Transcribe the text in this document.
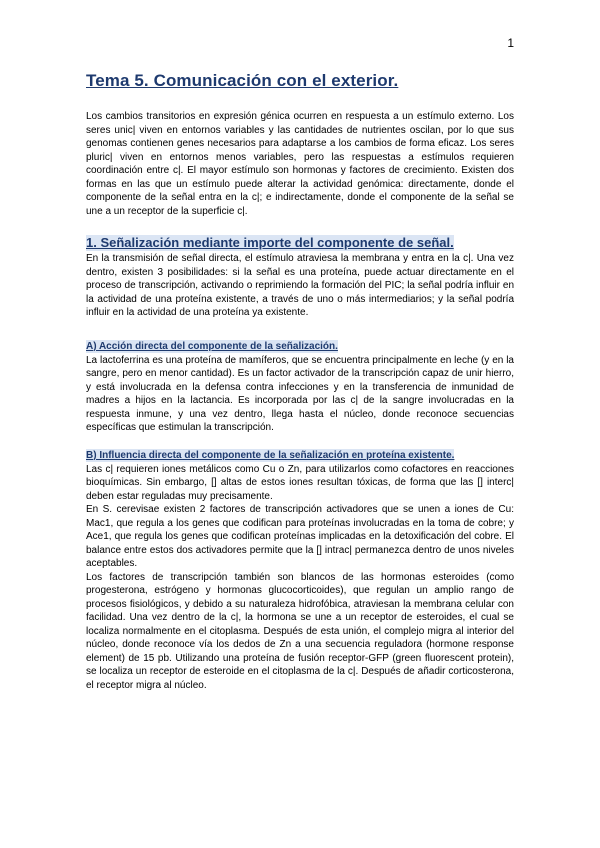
1
Tema 5. Comunicación con el exterior.

Los cambios transitorios en expresión génica ocurren en respuesta a un estímulo externo. Los seres unic| viven en entornos variables y las cantidades de nutrientes oscilan, por lo que sus genomas contienen genes necesarios para adaptarse a los cambios de forma eficaz. Los seres pluric| viven en entornos menos variables, pero las respuestas a estímulos requieren coordinación entre c|. El mayor estímulo son hormonas y factores de crecimiento. Existen dos formas en las que un estímulo puede alterar la actividad genómica: directamente, donde el componente de la señal entra en la c|; e indirectamente, donde el componente de la señal se une a un receptor de la superficie c|.

1. Señalización mediante importe del componente de señal.

En la transmisión de señal directa, el estímulo atraviesa la membrana y entra en la c|. Una vez dentro, existen 3 posibilidades: si la señal es una proteína, puede actuar directamente en el proceso de transcripción, activando o reprimiendo la formación del PIC; la señal podría influir en la actividad de una proteína existente, a través de uno o más intermediarios; y la señal podría influir en la actividad de una proteína ya existente.

A) Acción directa del componente de la señalización.

La lactoferrina es una proteína de mamíferos, que se encuentra principalmente en leche (y en la sangre, pero en menor cantidad). Es un factor activador de la transcripción capaz de unir hierro, y está involucrada en la defensa contra infecciones y en la transferencia de inmunidad de madres a hijos en la lactancia. Es incorporada por las c| de la sangre involucradas en la respuesta inmune, y una vez dentro, llega hasta el núcleo, donde reconoce secuencias específicas que estimulan la transcripción.

B) Influencia directa del componente de la señalización en proteína existente.

Las c| requieren iones metálicos como Cu o Zn, para utilizarlos como cofactores en reacciones bioquímicas. Sin embargo, [] altas de estos iones resultan tóxicas, de forma que las [] interc| deben estar reguladas muy precisamente.

En S. cerevisae existen 2 factores de transcripción activadores que se unen a iones de Cu: Mac1, que regula a los genes que codifican para proteínas involucradas en la toma de cobre; y Ace1, que regula los genes que codifican proteínas implicadas en la detoxificación del cobre. El balance entre estos dos activadores permite que la [] intrac| permanezca dentro de unos niveles aceptables.

Los factores de transcripción también son blancos de las hormonas esteroides (como progesterona, estrógeno y hormonas glucocorticoides), que regulan un amplio rango de procesos fisiológicos, y debido a su naturaleza hidrofóbica, atraviesan la membrana celular con facilidad. Una vez dentro de la c|, la hormona se une a un receptor de esteroides, el cual se localiza normalmente en el citoplasma. Después de esta unión, el complejo migra al interior del núcleo, donde reconoce vía los dedos de Zn a una secuencia reguladora (hormone response element) de 15 pb. Utilizando una proteína de fusión receptor-GFP (green fluorescent protein), se localiza un receptor de esteroide en el citoplasma de la c|. Después de añadir corticosterona, el receptor migra al núcleo.
